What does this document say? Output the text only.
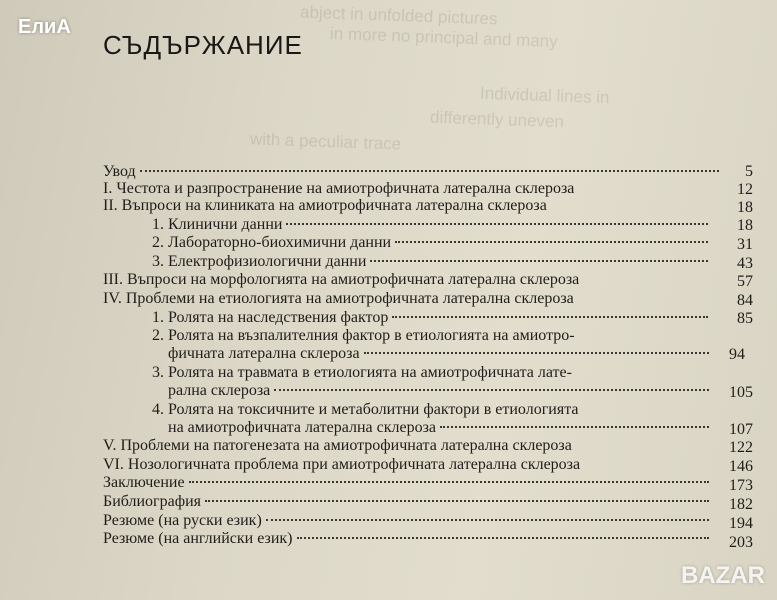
abject in unfolded pictures
in more no principal and many
Individual lines in
differently uneven
with a peculiar trace
ЕлиА
СЪДЪРЖАНИЕ
Увод	5
I. Честота и разпространение на амиотрофичната латерална склероза	12
II. Въпроси на клиниката на амиотрофичната латерална склероза	18
1. Клинични данни	18
2. Лабораторно-биохимични данни	31
3. Електрофизиологични данни	43
III. Въпроси на морфологията на амиотрофичната латерална склероза	57
IV. Проблеми на етиологията на амиотрофичната латерална склероза	84
1. Ролята на наследствения фактор	85
2. Ролята на възпалителния фактор в етиологията на амиотро-
фичната латерална склероза	94
3. Ролята на травмата в етиологията на амиотрофичната лате-
рална склероза	105
4. Ролята на токсичните и метаболитни фактори в етиологията
на амиотрофичната латерална склероза	107
V. Проблеми на патогенезата на амиотрофичната латерална склероза	122
VI. Нозологичната проблема при амиотрофичната латерална склероза	146
Заключение	173
Библиография	182
Резюме (на руски език)	194
Резюме (на английски език)	203
BAZAR
